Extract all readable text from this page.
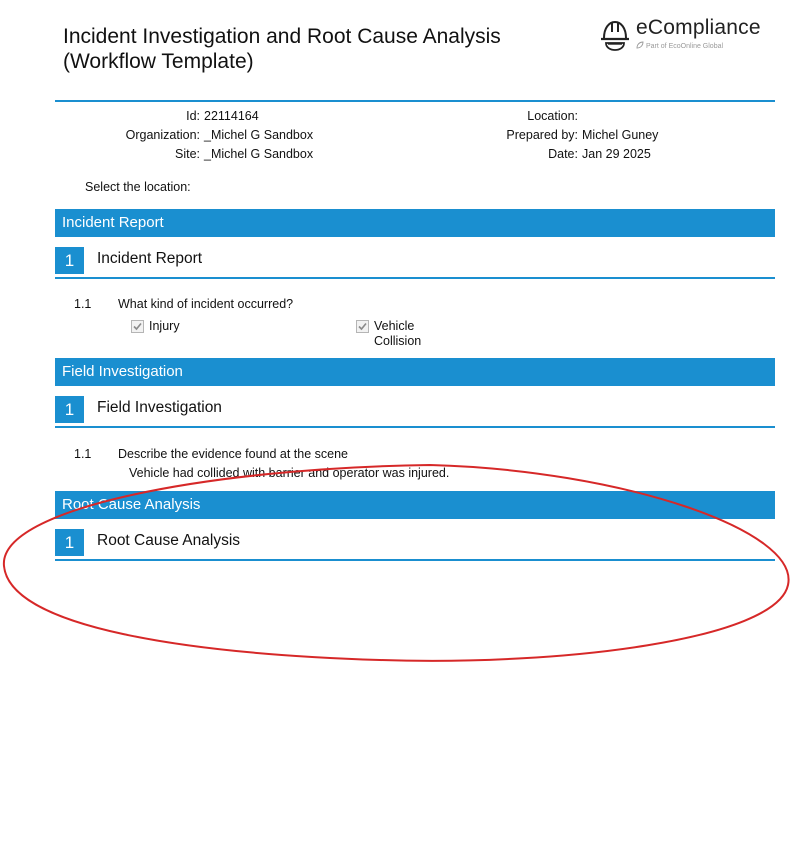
Incident Investigation and Root Cause Analysis
(Workflow Template)
eCompliance
Part of EcoOnline Global
Id: 22114164
Organization: _Michel G Sandbox
Site: _Michel G Sandbox
Location:
Prepared by: Michel Guney
Date: Jan 29 2025
Select the location:
Incident Report
1	Incident Report
1.1 What kind of incident occurred?
Injury	Vehicle Collision
Field Investigation
1	Field Investigation
1.1 Describe the evidence found at the scene
Vehicle had collided with barrier and operator was injured.
Root Cause Analysis
1	Root Cause Analysis
